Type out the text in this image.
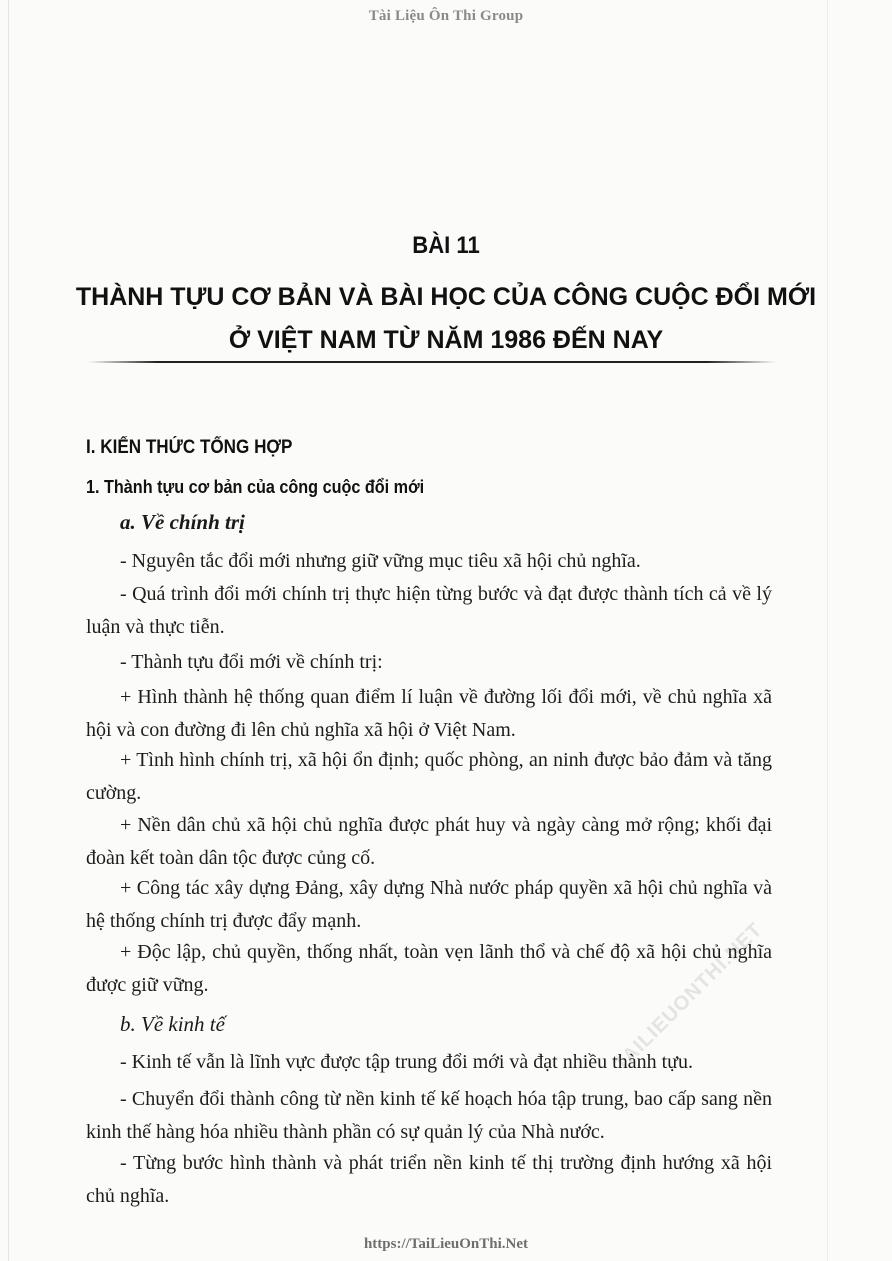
Tài Liệu Ôn Thi Group
TAILIEUONTHI.NET
BÀI 11
THÀNH TỰU CƠ BẢN VÀ BÀI HỌC CỦA CÔNG CUỘC ĐỔI MỚI
Ở VIỆT NAM TỪ NĂM 1986 ĐẾN NAY
I. KIẾN THỨC TỔNG HỢP
1. Thành tựu cơ bản của công cuộc đổi mới
a. Về chính trị
- Nguyên tắc đổi mới nhưng giữ vững mục tiêu xã hội chủ nghĩa.
- Quá trình đổi mới chính trị thực hiện từng bước và đạt được thành tích cả về lý luận và thực tiễn.
- Thành tựu đổi mới về chính trị:
+ Hình thành hệ thống quan điểm lí luận về đường lối đổi mới, về chủ nghĩa xã hội và con đường đi lên chủ nghĩa xã hội ở Việt Nam.
+ Tình hình chính trị, xã hội ổn định; quốc phòng, an ninh được bảo đảm và tăng cường.
+ Nền dân chủ xã hội chủ nghĩa được phát huy và ngày càng mở rộng; khối đại đoàn kết toàn dân tộc được củng cố.
+ Công tác xây dựng Đảng, xây dựng Nhà nước pháp quyền xã hội chủ nghĩa và hệ thống chính trị được đẩy mạnh.
+ Độc lập, chủ quyền, thống nhất, toàn vẹn lãnh thổ và chế độ xã hội chủ nghĩa được giữ vững.
b. Về kinh tế
- Kinh tế vẫn là lĩnh vực được tập trung đổi mới và đạt nhiều thành tựu.
- Chuyển đổi thành công từ nền kinh tế kế hoạch hóa tập trung, bao cấp sang nền kinh thế hàng hóa nhiều thành phần có sự quản lý của Nhà nước.
- Từng bước hình thành và phát triển nền kinh tế thị trường định hướng xã hội chủ nghĩa.
https://TaiLieuOnThi.Net
